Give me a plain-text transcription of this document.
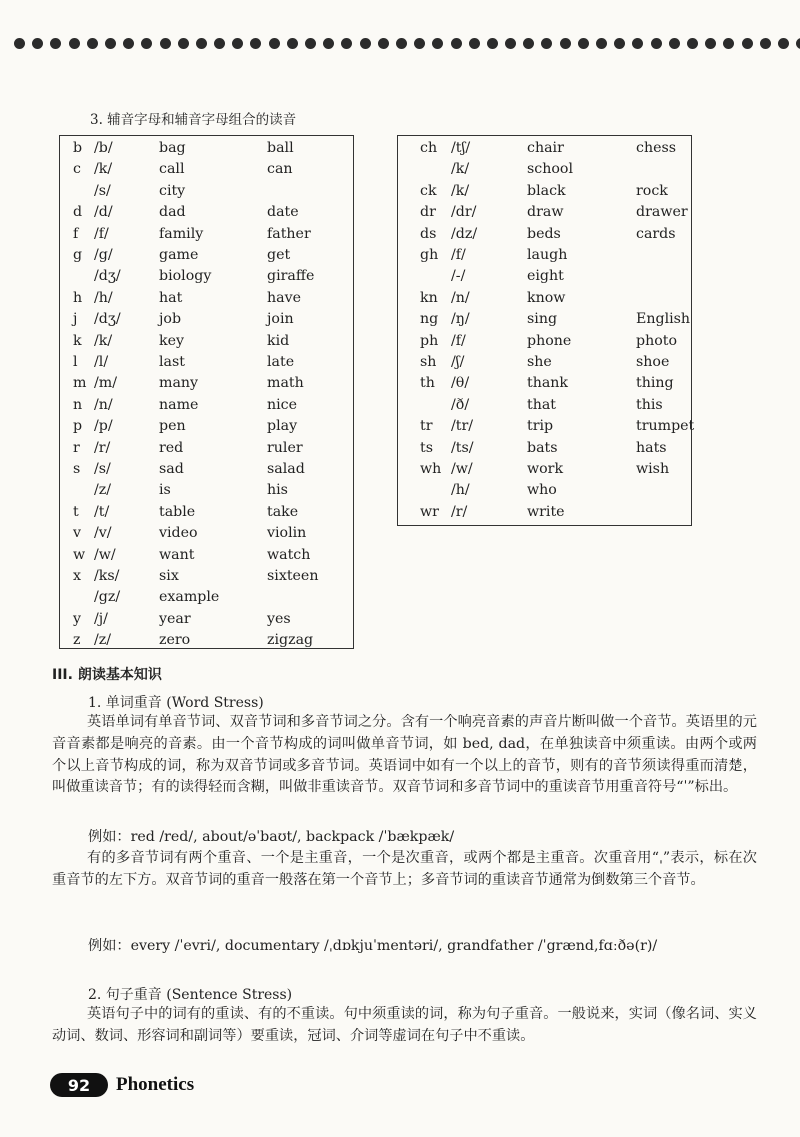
3. 辅音字母和辅音字母组合的读音
b /b/	bag	ball
c /k/	call	can
/s/	city
d /d/	dad	date
f /f/	family	father
g /g/	game	get
/dʒ/	biology	giraffe
h /h/	hat	have
j /dʒ/	job	join
k /k/	key	kid
l /l/	last	late
m /m/	many	math
n /n/	name	nice
p /p/	pen	play
r /r/	red	ruler
s /s/	sad	salad
/z/	is	his
t /t/	table	take
v /v/	video	violin
w /w/	want	watch
x /ks/	six	sixteen
/gz/	example
y /j/	year	yes
z /z/	zero	zigzag
ch /tʃ/	chair	chess
/k/	school
ck /k/	black	rock
dr /dr/	draw	drawer
ds /dz/	beds	cards
gh /f/	laugh
/-/	eight
kn /n/	know
ng /ŋ/	sing	English
ph /f/	phone	photo
sh /ʃ/	she	shoe
th /θ/	thank	thing
/ð/	that	this
tr /tr/	trip	trumpet
ts /ts/	bats	hats
wh /w/	work	wish
/h/	who
wr /r/	write
III. 朗读基本知识
1. 单词重音 (Word Stress)

英语单词有单音节词、双音节词和多音节词之分。含有一个响亮音素的声音片断叫做一个音节。英语里的元音音素都是响亮的音素。由一个音节构成的词叫做单音节词，如 bed, dad，在单独读音中须重读。由两个或两个以上音节构成的词，称为双音节词或多音节词。英语词中如有一个以上的音节，则有的音节须读得重而清楚，叫做重读音节；有的读得轻而含糊，叫做非重读音节。双音节词和多音节词中的重读音节用重音符号“ˈ”标出。

例如：red /red/, about/əˈbaʊt/, backpack /ˈbækpæk/

有的多音节词有两个重音、一个是主重音，一个是次重音，或两个都是主重音。次重音用“ˌ”表示，标在次重音节的左下方。双音节词的重音一般落在第一个音节上；多音节词的重读音节通常为倒数第三个音节。

例如：every /ˈevri/, documentary /ˌdɒkjuˈmentəri/, grandfather /ˈgrænd,fɑːðə(r)/
2. 句子重音 (Sentence Stress)

英语句子中的词有的重读、有的不重读。句中须重读的词，称为句子重音。一般说来，实词（像名词、实义动词、数词、形容词和副词等）要重读，冠词、介词等虚词在句子中不重读。

92	Phonetics
